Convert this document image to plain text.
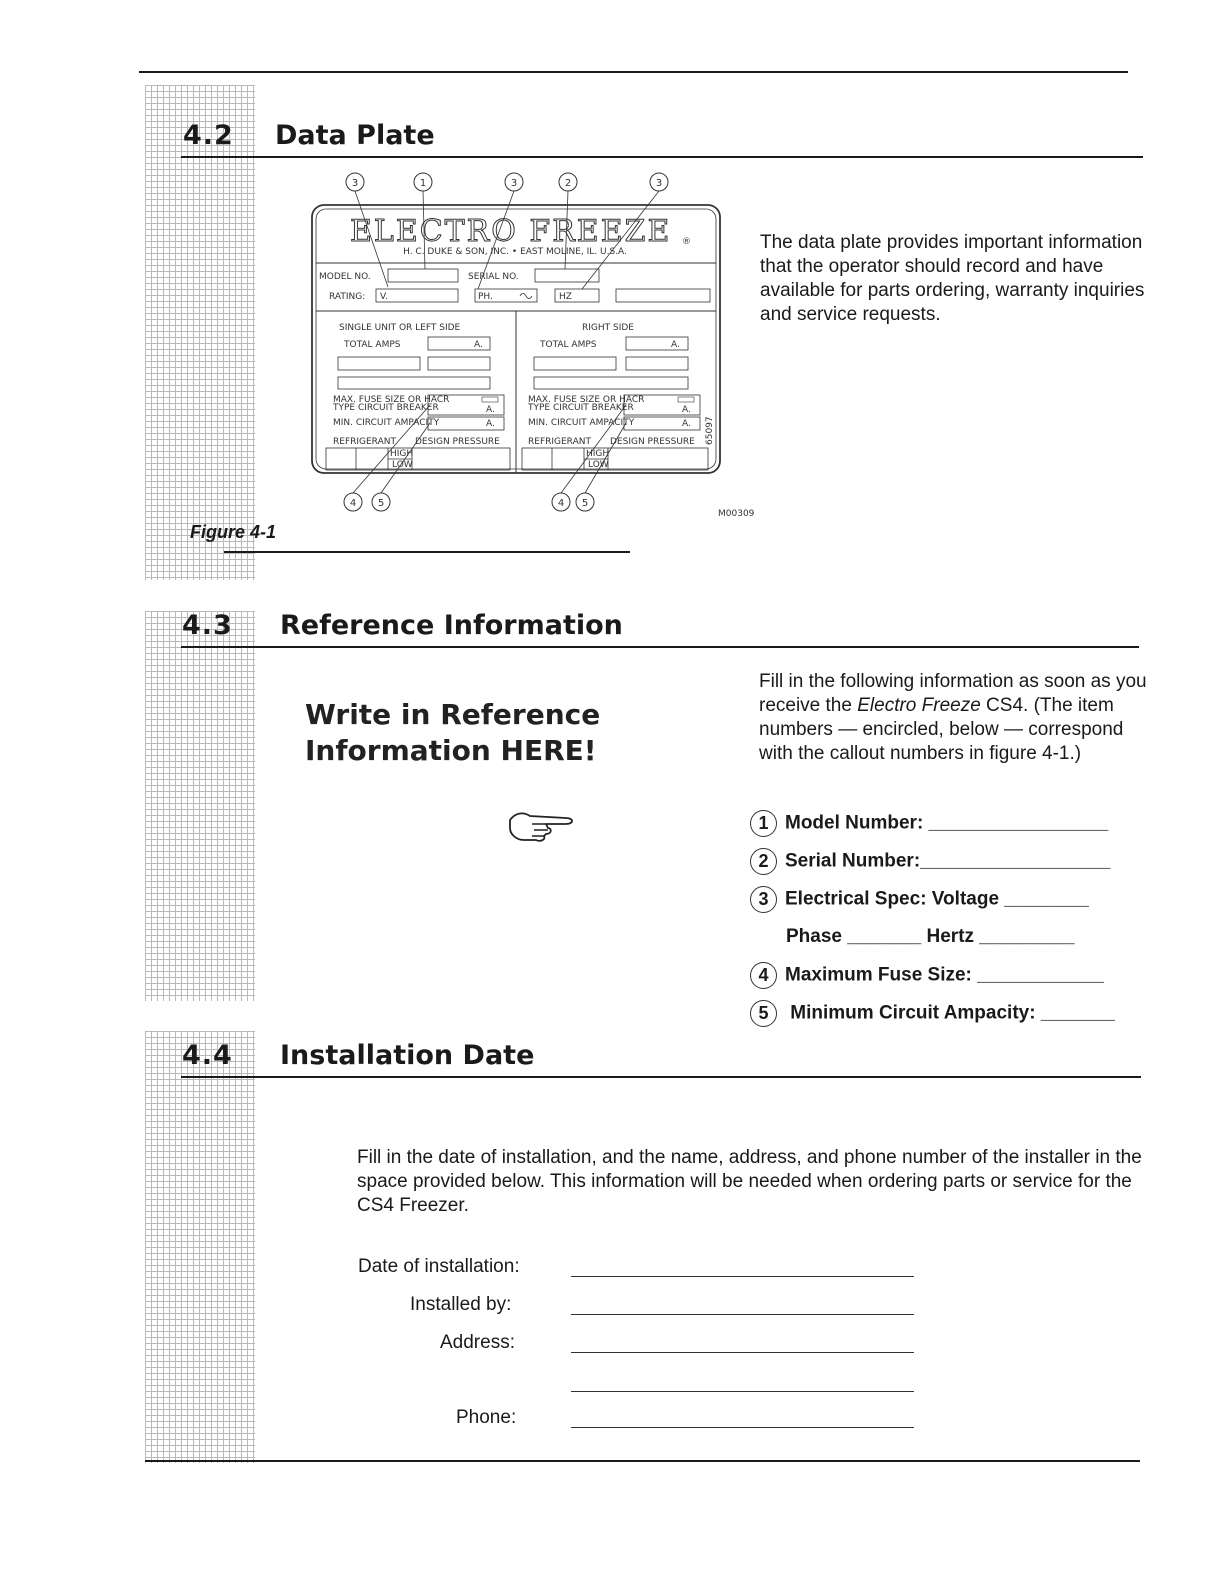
4.2 Data Plate
3	1	3	2	3
ELECTRO FREEZE ®
H. C. DUKE & SON, INC. • EAST MOLINE, IL. U.S.A.
MODEL NO.	SERIAL NO.
RATING: V.	PH.	HZ
SINGLE UNIT OR LEFT SIDE
TOTAL AMPS	A.
MAX. FUSE SIZE OR HACR
TYPE CIRCUIT BREAKER	A.
MIN. CIRCUIT AMPACITY	A.
REFRIGERANT DESIGN PRESSURE
HIGH
LOW
RIGHT SIDE
TOTAL AMPS	A.
MAX. FUSE SIZE OR HACR
TYPE CIRCUIT BREAKER	A.
MIN. CIRCUIT AMPACITY	A.
REFRIGERANT DESIGN PRESSURE
HIGH
LOW
65097
4 5	4 5
M00309
The data plate provides important information that the operator should record and have available for parts ordering, warranty inquiries and service requests.
Figure 4-1
4.3 Reference Information
Write in Reference
Information HERE!
Fill in the following information as soon as you receive the Electro Freeze CS4. (The item numbers — encircled, below — correspond with the callout numbers in figure 4-1.)
1 Model Number: _________________
2 Serial Number:__________________
3 Electrical Spec: Voltage ________
Phase _______ Hertz _________
4 Maximum Fuse Size: ____________
5 Minimum Circuit Ampacity: _______
4.4 Installation Date
Fill in the date of installation, and the name, address, and phone number of the installer in the space provided below. This information will be needed when ordering parts or service for the CS4 Freezer.
Date of installation:
Installed by:
Address:
Phone:
